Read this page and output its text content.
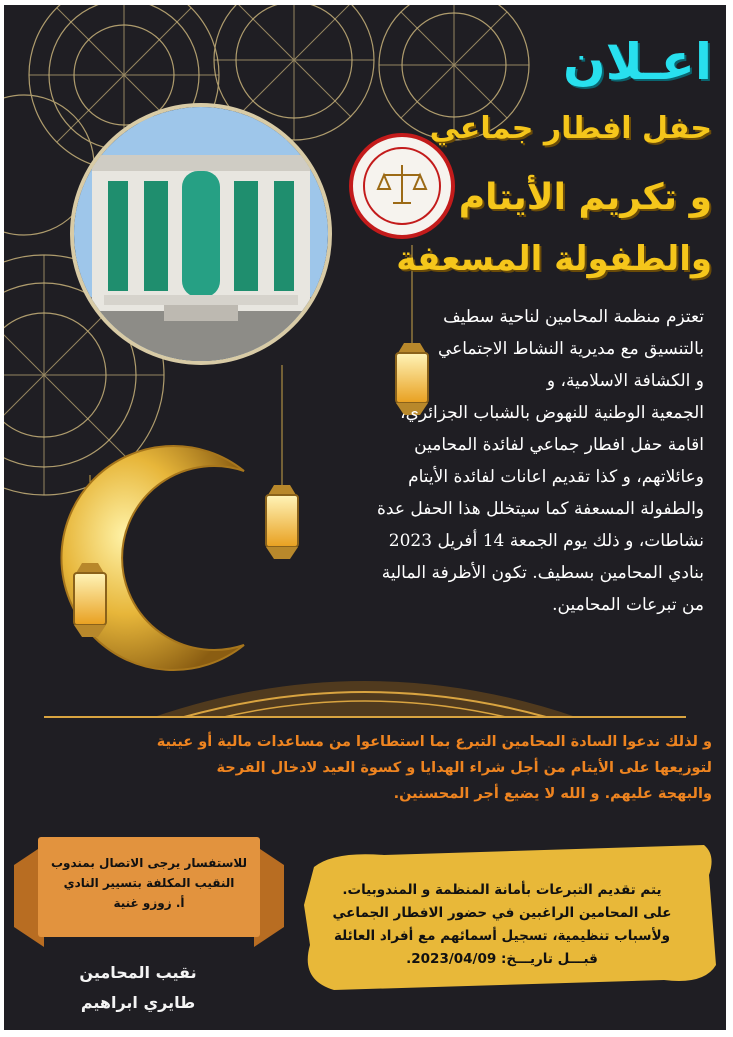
اعـلان

حفل افطار جماعي

و تكريم الأيتام

والطفولة المسعفة

تعتزم منظمة المحامين لناحية سطيف
بالتنسيق مع مديرية النشاط الاجتماعي
و الكشافة الاسلامية، و
الجمعية الوطنية للنهوض بالشباب الجزائري،
اقامة حفل افطار جماعي لفائدة المحامين
وعائلاتهم، و كذا تقديم اعانات لفائدة الأيتام
والطفولة المسعفة كما سيتخلل هذا الحفل عدة
نشاطات، و ذلك يوم الجمعة 14 أفريل 2023
بنادي المحامين بسطيف. تكون الأظرفة المالية
من تبرعات المحامين.

و لذلك ندعوا السادة المحامين التبرع بما استطاعوا من مساعدات مالية أو عينية
لتوزيعها على الأيتام من أجل شراء الهدايا و كسوة العيد لادخال الفرحة
والبهجة عليهم. و الله لا يضيع أجر المحسنين.

للاستفسار يرجى الاتصال بمندوب
النقيب المكلفة بتسيير النادي
أ. زوزو غنية

نقيب المحامين

طايري ابراهيم

يتم تقديم التبرعات بأمانة المنظمة و المندوبيات.
على المحامين الراغبين في حضور الافطار الجماعي
ولأسباب تنظيمية، تسجيل أسمائهم مع أفراد العائلة
قبـــل تاريـــخ: 2023/04/09.
